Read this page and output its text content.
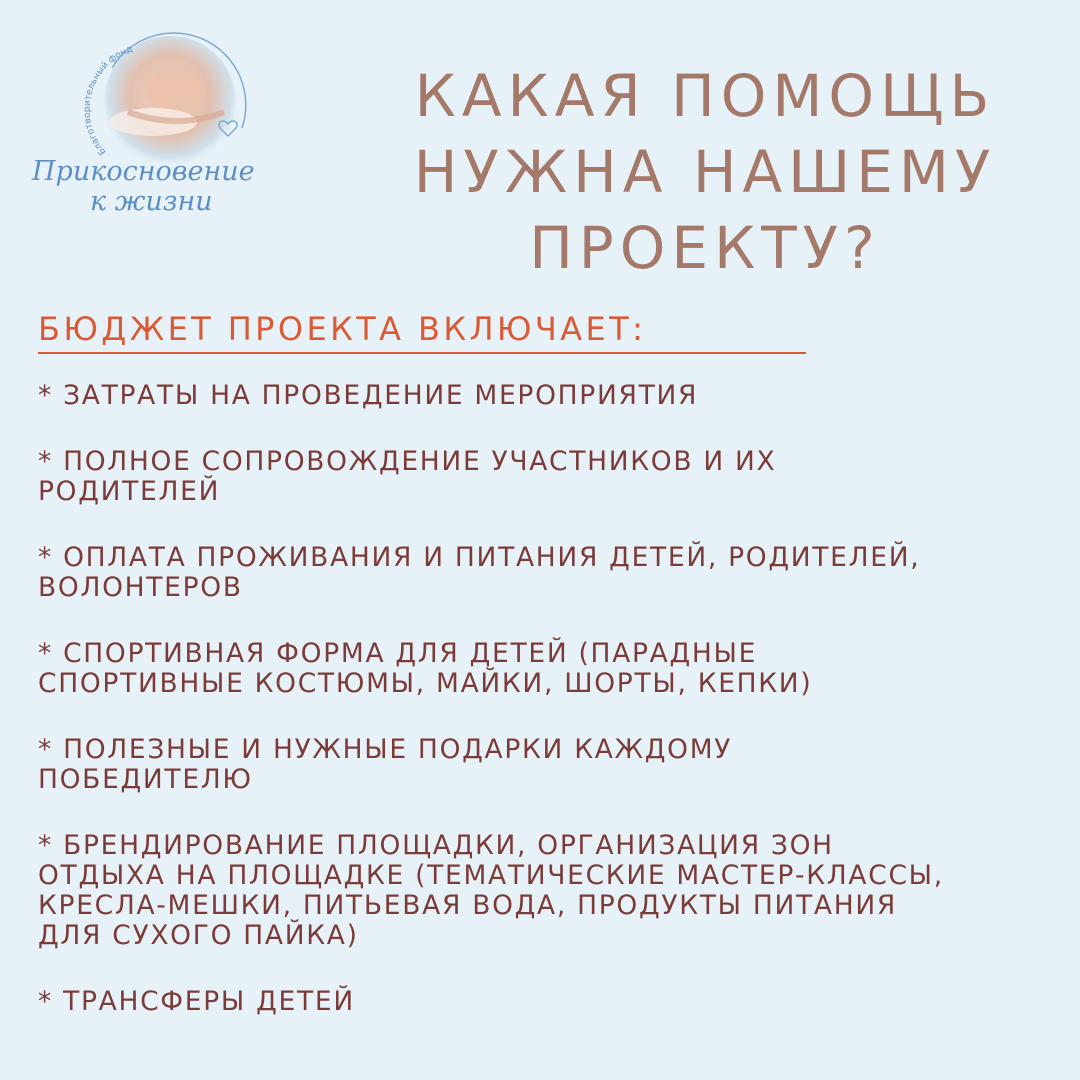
Благотворительный фонд
Прикосновение
к жизни
КАКАЯ ПОМОЩЬ
НУЖНА НАШЕМУ
ПРОЕКТУ?
БЮДЖЕТ ПРОЕКТА ВКЛЮЧАЕТ:
* ЗАТРАТЫ НА ПРОВЕДЕНИЕ МЕРОПРИЯТИЯ
* ПОЛНОЕ СОПРОВОЖДЕНИЕ УЧАСТНИКОВ И ИХ
РОДИТЕЛЕЙ
* ОПЛАТА ПРОЖИВАНИЯ И ПИТАНИЯ ДЕТЕЙ, РОДИТЕЛЕЙ,
ВОЛОНТЕРОВ
* СПОРТИВНАЯ ФОРМА ДЛЯ ДЕТЕЙ (ПАРАДНЫЕ
СПОРТИВНЫЕ КОСТЮМЫ, МАЙКИ, ШОРТЫ, КЕПКИ)
* ПОЛЕЗНЫЕ И НУЖНЫЕ ПОДАРКИ КАЖДОМУ
ПОБЕДИТЕЛЮ
* БРЕНДИРОВАНИЕ ПЛОЩАДКИ, ОРГАНИЗАЦИЯ ЗОН
ОТДЫХА НА ПЛОЩАДКЕ (ТЕМАТИЧЕСКИЕ МАСТЕР-КЛАССЫ,
КРЕСЛА-МЕШКИ, ПИТЬЕВАЯ ВОДА, ПРОДУКТЫ ПИТАНИЯ
ДЛЯ СУХОГО ПАЙКА)
* ТРАНСФЕРЫ ДЕТЕЙ
